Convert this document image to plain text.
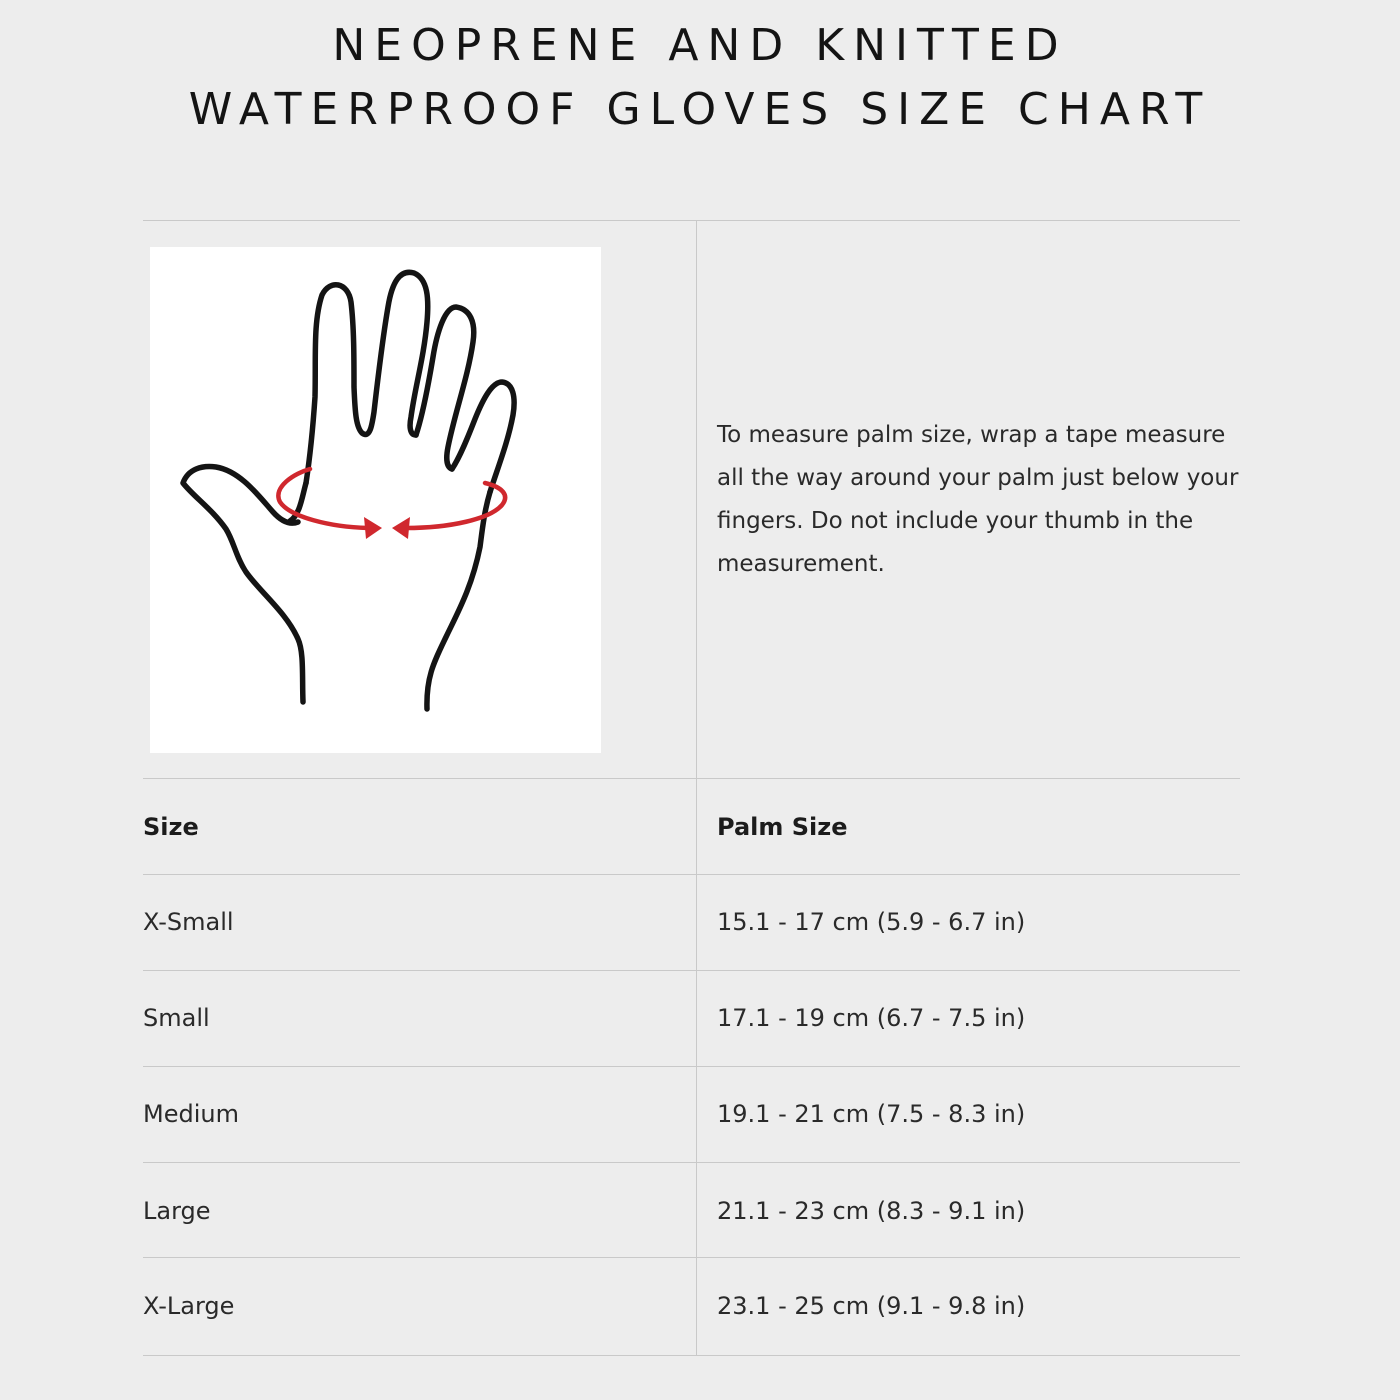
NEOPRENE AND KNITTED
WATERPROOF GLOVES SIZE CHART

To measure palm size, wrap a tape measure all the way around your palm just below your fingers. Do not include your thumb in the measurement.

Size	Palm Size
X-Small	15.1 - 17 cm (5.9 - 6.7 in)
Small	17.1 - 19 cm (6.7 - 7.5 in)
Medium	19.1 - 21 cm (7.5 - 8.3 in)
Large	21.1 - 23 cm (8.3 - 9.1 in)
X-Large	23.1 - 25 cm (9.1 - 9.8 in)
